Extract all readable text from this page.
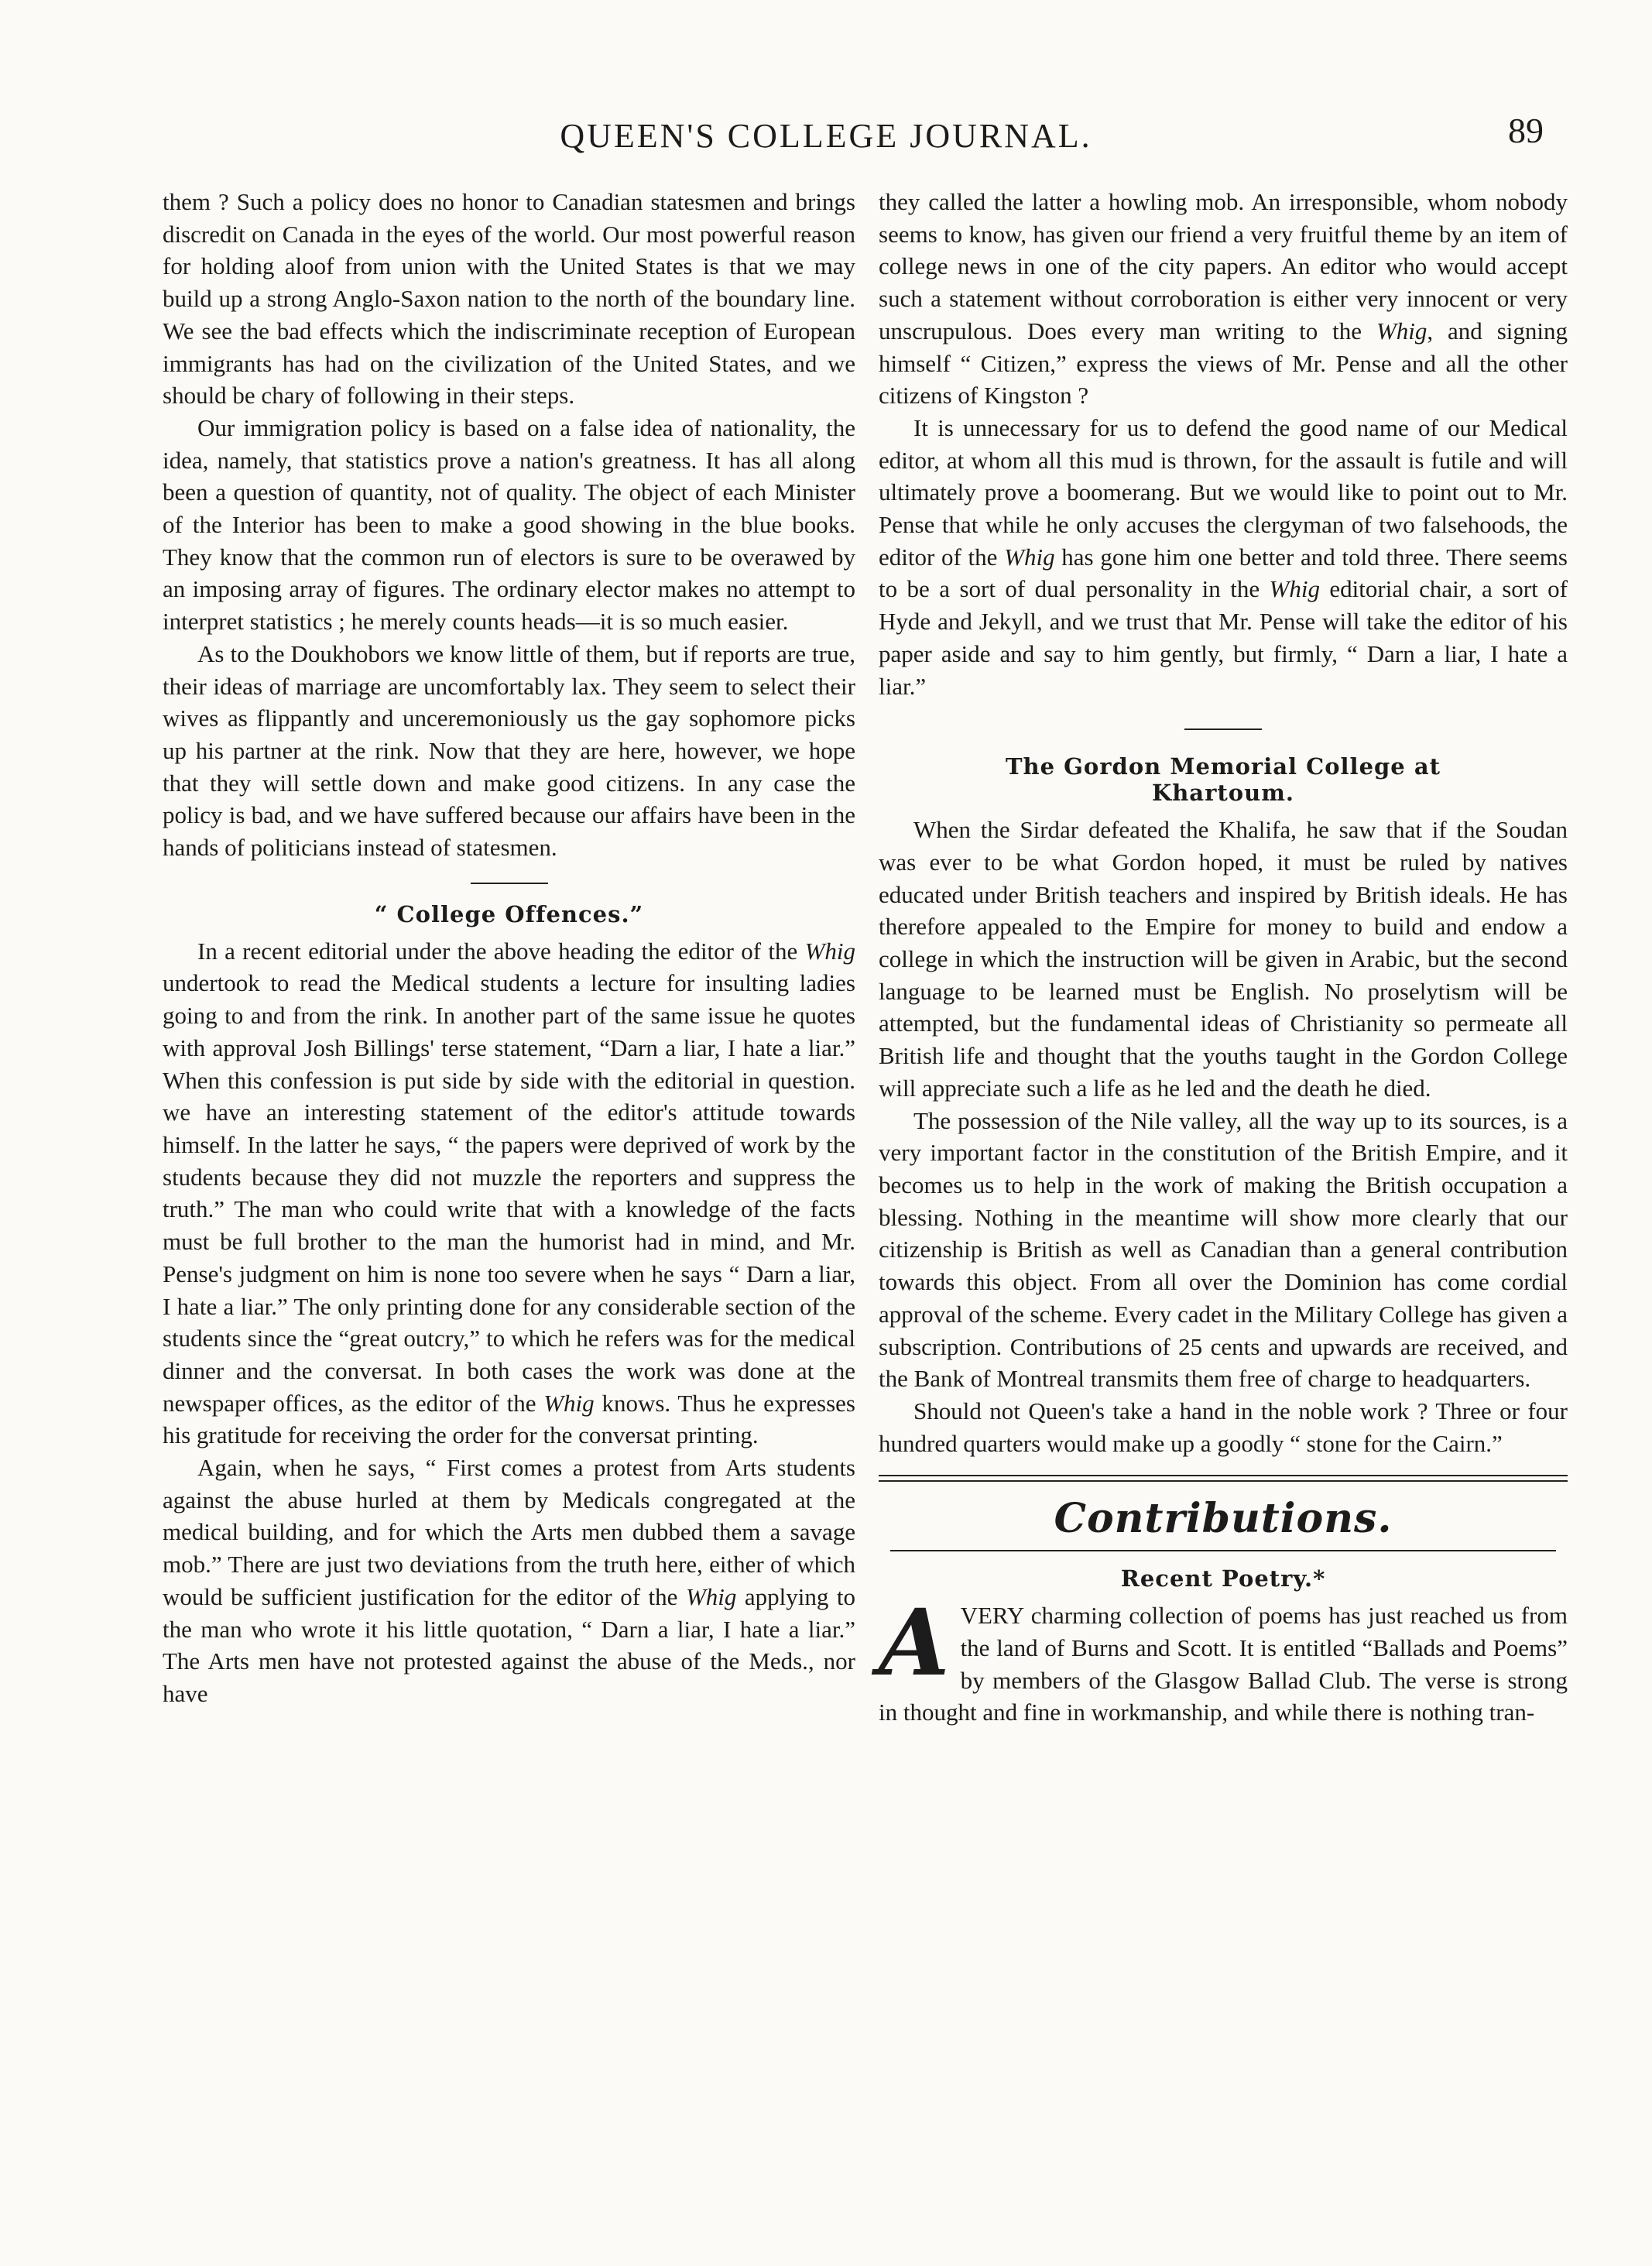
QUEEN'S COLLEGE JOURNAL.	89

them ? Such a policy does no honor to Canadian statesmen and brings discredit on Canada in the eyes of the world. Our most powerful reason for holding aloof from union with the United States is that we may build up a strong Anglo-Saxon nation to the north of the boundary line. We see the bad effects which the indiscriminate reception of European immigrants has had on the civilization of the United States, and we should be chary of following in their steps.

Our immigration policy is based on a false idea of nationality, the idea, namely, that statistics prove a nation's greatness. It has all along been a question of quantity, not of quality. The object of each Minister of the Interior has been to make a good showing in the blue books. They know that the common run of electors is sure to be overawed by an imposing array of figures. The ordinary elector makes no attempt to interpret statistics ; he merely counts heads—it is so much easier.

As to the Doukhobors we know little of them, but if reports are true, their ideas of marriage are uncomfortably lax. They seem to select their wives as flippantly and unceremoniously us the gay sophomore picks up his partner at the rink. Now that they are here, however, we hope that they will settle down and make good citizens. In any case the policy is bad, and we have suffered because our affairs have been in the hands of politicians instead of statesmen.

“ College Offences.”

In a recent editorial under the above heading the editor of the Whig undertook to read the Medical students a lecture for insulting ladies going to and from the rink. In another part of the same issue he quotes with approval Josh Billings' terse statement, “Darn a liar, I hate a liar.” When this confession is put side by side with the editorial in question. we have an interesting statement of the editor's attitude towards himself. In the latter he says, “ the papers were deprived of work by the students because they did not muzzle the reporters and suppress the truth.” The man who could write that with a knowledge of the facts must be full brother to the man the humorist had in mind, and Mr. Pense's judgment on him is none too severe when he says “ Darn a liar, I hate a liar.” The only printing done for any considerable section of the students since the “great outcry,” to which he refers was for the medical dinner and the conversat. In both cases the work was done at the newspaper offices, as the editor of the Whig knows. Thus he expresses his gratitude for receiving the order for the conversat printing.

Again, when he says, “ First comes a protest from Arts students against the abuse hurled at them by Medicals congregated at the medical building, and for which the Arts men dubbed them a savage mob.” There are just two deviations from the truth here, either of which would be sufficient justification for the editor of the Whig applying to the man who wrote it his little quotation, “ Darn a liar, I hate a liar.” The Arts men have not protested against the abuse of the Meds., nor have

they called the latter a howling mob. An irresponsible, whom nobody seems to know, has given our friend a very fruitful theme by an item of college news in one of the city papers. An editor who would accept such a statement without corroboration is either very innocent or very unscrupulous. Does every man writing to the Whig, and signing himself “ Citizen,” express the views of Mr. Pense and all the other citizens of Kingston ?

It is unnecessary for us to defend the good name of our Medical editor, at whom all this mud is thrown, for the assault is futile and will ultimately prove a boomerang. But we would like to point out to Mr. Pense that while he only accuses the clergyman of two falsehoods, the editor of the Whig has gone him one better and told three. There seems to be a sort of dual personality in the Whig editorial chair, a sort of Hyde and Jekyll, and we trust that Mr. Pense will take the editor of his paper aside and say to him gently, but firmly, “ Darn a liar, I hate a liar.”

The Gordon Memorial College at
Khartoum.

When the Sirdar defeated the Khalifa, he saw that if the Soudan was ever to be what Gordon hoped, it must be ruled by natives educated under British teachers and inspired by British ideals. He has therefore appealed to the Empire for money to build and endow a college in which the instruction will be given in Arabic, but the second language to be learned must be English. No proselytism will be attempted, but the fundamental ideas of Christianity so permeate all British life and thought that the youths taught in the Gordon College will appreciate such a life as he led and the death he died.

The possession of the Nile valley, all the way up to its sources, is a very important factor in the constitution of the British Empire, and it becomes us to help in the work of making the British occupation a blessing. Nothing in the meantime will show more clearly that our citizenship is British as well as Canadian than a general contribution towards this object. From all over the Dominion has come cordial approval of the scheme. Every cadet in the Military College has given a subscription. Contributions of 25 cents and upwards are received, and the Bank of Montreal transmits them free of charge to headquarters.

Should not Queen's take a hand in the noble work ? Three or four hundred quarters would make up a goodly “ stone for the Cairn.”

Contributions.
Recent Poetry.*

AVERY charming collection of poems has just reached us from the land of Burns and Scott. It is entitled “Ballads and Poems” by members of the Glasgow Ballad Club. The verse is strong in thought and fine in workmanship, and while there is nothing tran-
